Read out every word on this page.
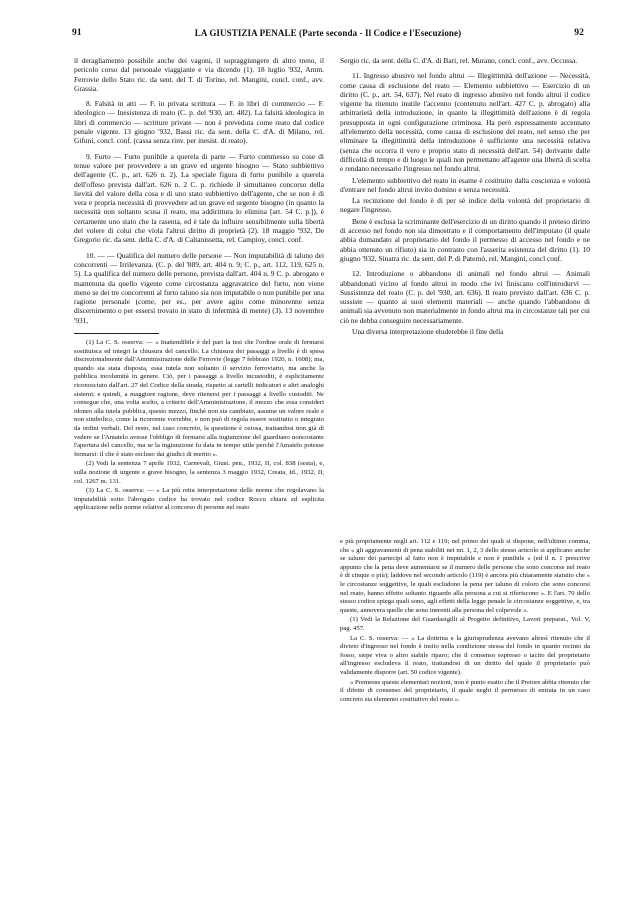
91	LA GIUSTIZIA PENALE (Parte seconda - Il Codice e l'Esecuzione)	92

il deragliamento possibile anche dei vagoni, il sopraggiungere di altro treno, il pericolo corso dal personale viaggiante e via dicendo (1). 18 luglio '932, Amm. Ferrovie dello Stato ric. da sent. del T. di Torino, rel. Mangini, concl. conf., avv. Grassia.

8. Falsità in atti — F. in privata scrittura — F. in libri di commercio — F. ideologico — Inesistenza di reato (C. p. del '930, art. 482). La falsità ideologica in libri di commercio — scritture private — non è preveduta come reato dal codice penale vigente. 13 giugno '932, Bassi ric. da sent. della C. d'A. di Milano, rel. Gifuni, concl. conf. (cassa senza rinv. per inesist. di reato).

9. Furto — Furto punibile a querela di parte — Furto commesso su cose di tenue valore per provvedere a un grave ed urgente bisogno — Stato subbiettivo dell'agente (C. p., art. 626 n. 2). La speciale figura di furto punibile a querela dell'offeso prevista dall'art. 626 n. 2 C. p. richiede il simultaneo concorso della lievità del valore della cosa e di uno stato subbiettivo dell'agente, che se non è di vera e propria necessità di provvedere ad un grave ed urgente bisogno (in quanto la necessità non soltanto scusa il reato, ma addirittura lo elimina [art. 54 C. p.]), è certamente uno stato che la rasenta, ed è tale da influire sensibilmente sulla libertà del volere di colui che viola l'altrui diritto di proprietà (2). 18 maggio '932, De Gregorio ric. da sent. della C. d'A. di Caltanissetta, rel. Campioy, concl. conf.

10. — — Qualifica del numero delle persone — Non imputabilità di taluno dei concorrenti — Irrilevanza. (C. p. del '889, art. 404 n. 9; C. p., art. 112, 119, 625 n. 5). La qualifica del numero delle persone, prevista dall'art. 404 n. 9 C. p. abrogato e mantenuta da quello vigente come circostanza aggravatrice del furto, non viene meno se dei tre concorrenti al furto taluno sia non imputabile o non punibile per una ragione personale (come, per es., per avere agito come minorenne senza discernimento o per essersi trovato in stato di infermità di mente) (3). 13 novembre '931,

(1) La C. S. osserva: — « Inattendibile è del pari la tesi che l'ordine orale di fermarsi sostituisca ed integri la chiusura del cancello. La chiusura dei passaggi a livello è di spesa discrezionalmente dall'Amministrazione delle Ferrovie (legge 7 febbraio 1920, n. 1608); ma, quando sia stata disposta, essa tutela non soltanto il servizio ferroviario, ma anche la pubblica incolumità in genere. Ciò, per i passaggi a livello incustoditi, è esplicitamente riconosciuto dall'art. 27 del Codice della strada, rispetto ai cartelli indicatori e altri analoghi sistemi; e quindi, a maggiore ragione, deve ritenersi per i passaggi a livello custoditi. Ne consegue che, una volta scelto, a criterio dell'Amministrazione, il mezzo che essa consideri idoneo alla tutela pubblica, questo mezzo, finchè non sia cambiato, assume un valore reale e non simbolico, come la ricorrente vorrebbe, e non può di regola essere sostituito o integrato da ordini verbali. Del resto, nel caso concreto, la questione è oziosa, trattandosi non già di vedere se l'Amatelo avesse l'obbligo di fermarsi alla ingiunzione del guardiano noncostante l'apertura del cancello, ma se la ingiunzione fu data in tempo utile perchè l'Amatelo potesse fermarsi: il che è stato escluso dai giudici di merito ».

(2) Vedi la sentenza 7 aprile 1932, Carnevali, Giust. pen., 1932, II, col. 838 (sesta), e, sulla nozione di urgente e grave bisogno, la sentenza 3 maggio 1932, Creata, Id., 1932, II, col. 1267 m. 131.

(3) La C. S. osserva: — « La più retta interpretazione delle norme che regolavano la imputabilità sotto l'abrogato codice ha trovato nel codice Rocco chiara ed esplicita applicazione nelle norme relative al concorso di persone nel reato

Sergio ric. da sent. della C. d'A. di Bari, rel. Murano, concl. conf., avv. Occussa.

11. Ingresso abusivo nel fondo altrui — Illegittimità dell'azione — Necessità, come causa di esclusione del reato — Elemento subbiettivo — Esercizio di un diritto (C. p., art. 54, 637). Nel reato di ingresso abusivo nel fondo altrui il codice vigente ha ritenuto inutile l'accenno (contenuto nell'art. 427 C. p. abrogato) alla arbitrarietà della introduzione, in quanto la illegittimità dell'azione è di regola presupposta in ogni configurazione criminosa. Ha però espressamente accennato all'elemento della necessità, come causa di esclusione del reato, nel senso che per eliminare la illegittimità della introduzione è sufficiente una necessità relativa (senza che occorra il vero e proprio stato di necessità dell'art. 54) derivante dalle difficoltà di tempo e di luogo le quali non permettano all'agente una libertà di scelta e rendano necessario l'ingresso nel fondo altrui.

L'elemento subbiettivo del reato in esame è costituito dalla coscienza e volontà d'entrare nel fondo altrui invito domino e senza necessità.

La recinzione del fondo è di per sè indice della volontà del proprietario di negare l'ingresso.

Bene è esclusa la scriminante dell'esercizio di un diritto quando il preteso diritto di accesso nel fondo non sia dimostrato e il comportamento dell'imputato (il quale abbia domandato al proprietario del fondo il permesso di accesso nel fondo e ne abbia ottenuto un rifiuto) sia in contrasto con l'asserita esistenza del diritto (1). 10 giugno '932, Sinatra ric. da sent. del P. di Paternò, rel. Mangini, concl conf.

12. Introduzione o abbandono di animali nel fondo altrui — Animali abbandonati vicino al fondo altrui in modo che ivi finiscano coll'introdurvi — Sussistenza del reato (C. p. del '930, art. 636). Il reato previsto dall'art. 636 C. p. sussiste — quanto ai suoi elementi materiali — anche quando l'abbandono di animali sia avvenuto non materialmente in fondo altrui ma in circostanze tali per cui ciò ne debba conseguire necessariamente.

Una diversa interpretazione eluderebbe il fine della

e più propriamente negli art. 112 e 119; nel primo dei quali si dispone, nell'ultimo comma, che « gli aggravamenti di pena stabiliti nei nn. 1, 2, 3 dello stesso articolo si applicano anche se taluno dei partecipi al fatto non è imputabile e non è punibile » (ed il n. 1 prescrive appunto che la pena deve aumentarsi se il numero delle persone che sono concorse nel reato è di cinque o più); laddove nel secondo articolo (119) è ancora più chiaramente statuito che « le circostanze soggettive, le quali escludono la pena per taluno di coloro che sono concorsi nel reato, hanno effetto soltanto riguardo alla persona a cui si riferiscono ». E l'art. 70 dello stesso codice spiega quali sono, agli effetti della legge penale le circostanze soggettive, e, tra queste, annovera quelle che sono inerenti alla persona del colpevole ».

(1) Vedi la Relazione del Guardasigilli al Progetto definitivo, Lavori preparat., Vol. V, pag. 457.

La C. S. osserva: — « La dottrina e la giurisprudenza avevano altresì ritenuto che il divieto d'ingresso nel fondo è insito nella condizione stessa del fondo in quanto recinto da fosso, siepe viva o altro stabile riparo; che il consenso espresso o tacito del proprietario all'ingresso escludeva il reato, trattandosi di un diritto del quale il proprietario può validamente disporre (art. 50 codice vigente).

« Premesse queste elementari nozioni, non è punto esatto che il Pretore abbia ritenuto che il difetto di consenso del proprietario, il quale neghi il permesso di entrata in un caso concreto sia elemento costitutivo del reato ».
